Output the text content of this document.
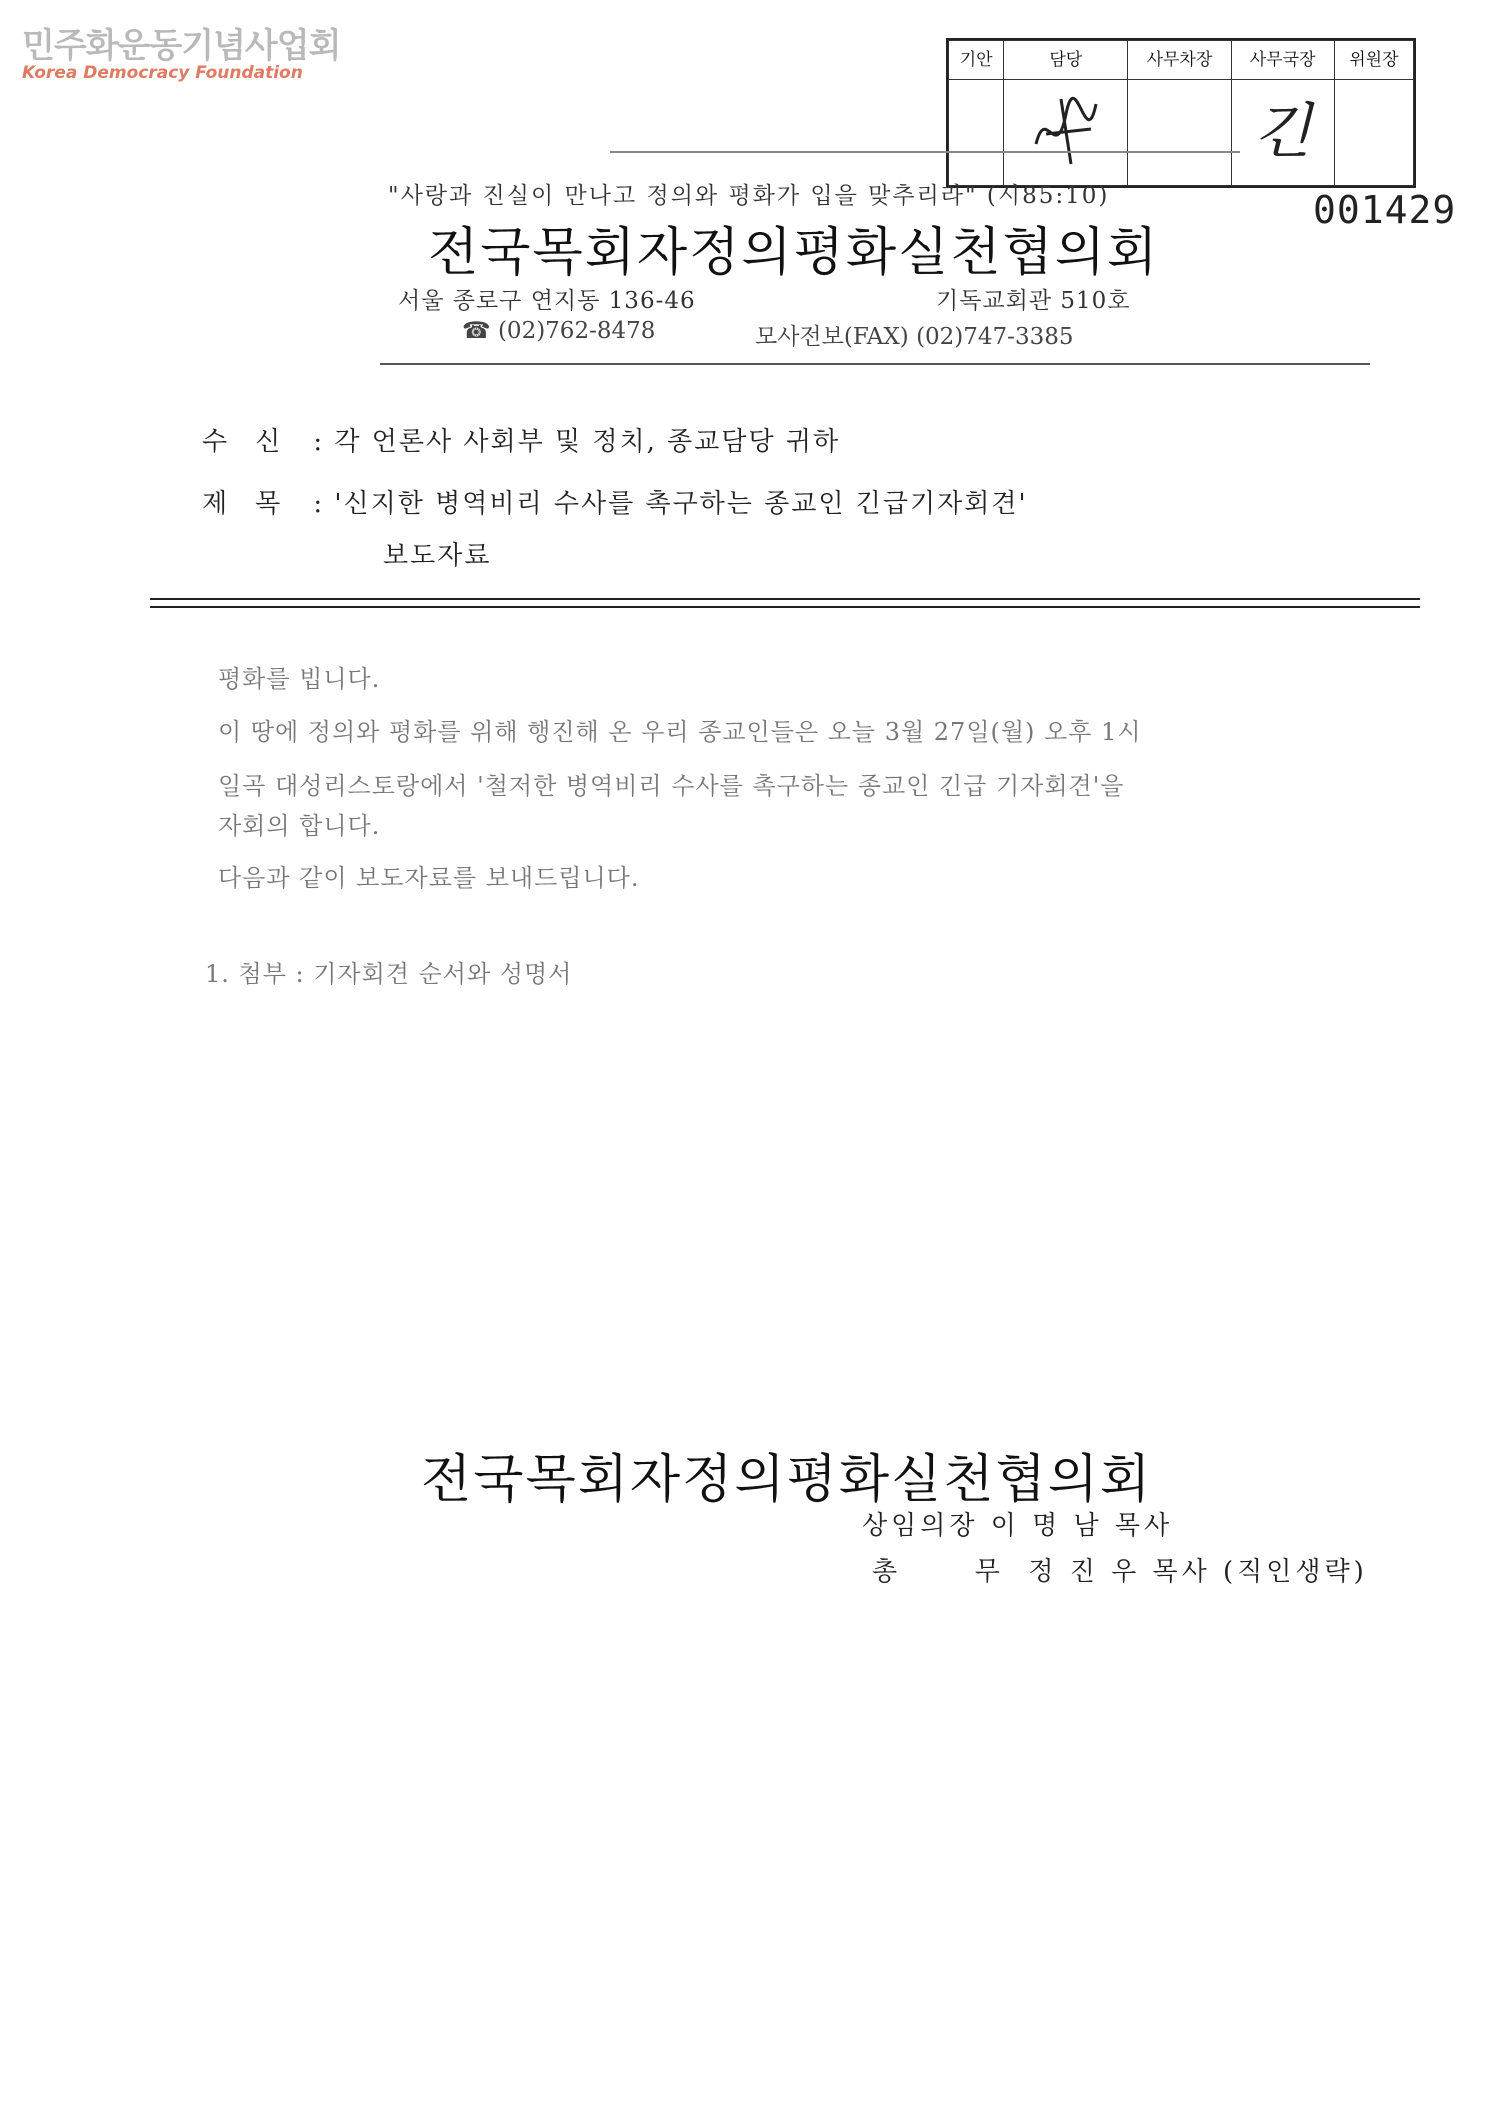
민주화운동기념사업회
Korea Democracy Foundation
기안	담당	사무차장	사무국장	위원장
			긴	
001429
"사랑과 진실이 만나고 정의와 평화가 입을 맞추리라" (시85:10)
전국목회자정의평화실천협의회
서울 종로구 연지동 136-46	기독교회관 510호
☎ (02)762-8478	모사전보(FAX) (02)747-3385
수신 : 각 언론사 사회부 및 정치, 종교담당 귀하
제목 : '신지한 병역비리 수사를 촉구하는 종교인 긴급기자회견'
보도자료
평화를 빕니다.
이 땅에 정의와 평화를 위해 행진해 온 우리 종교인들은 오늘 3월 27일(월) 오후 1시
일곡 대성리스토랑에서 '철저한 병역비리 수사를 촉구하는 종교인 긴급 기자회견'을
자회의 합니다.
다음과 같이 보도자료를 보내드립니다.
1. 첨부 : 기자회견 순서와 성명서
전국목회자정의평화실천협의회
상임의장 이 명 남 목사
총      무  정 진 우 목사 (직인생략)
